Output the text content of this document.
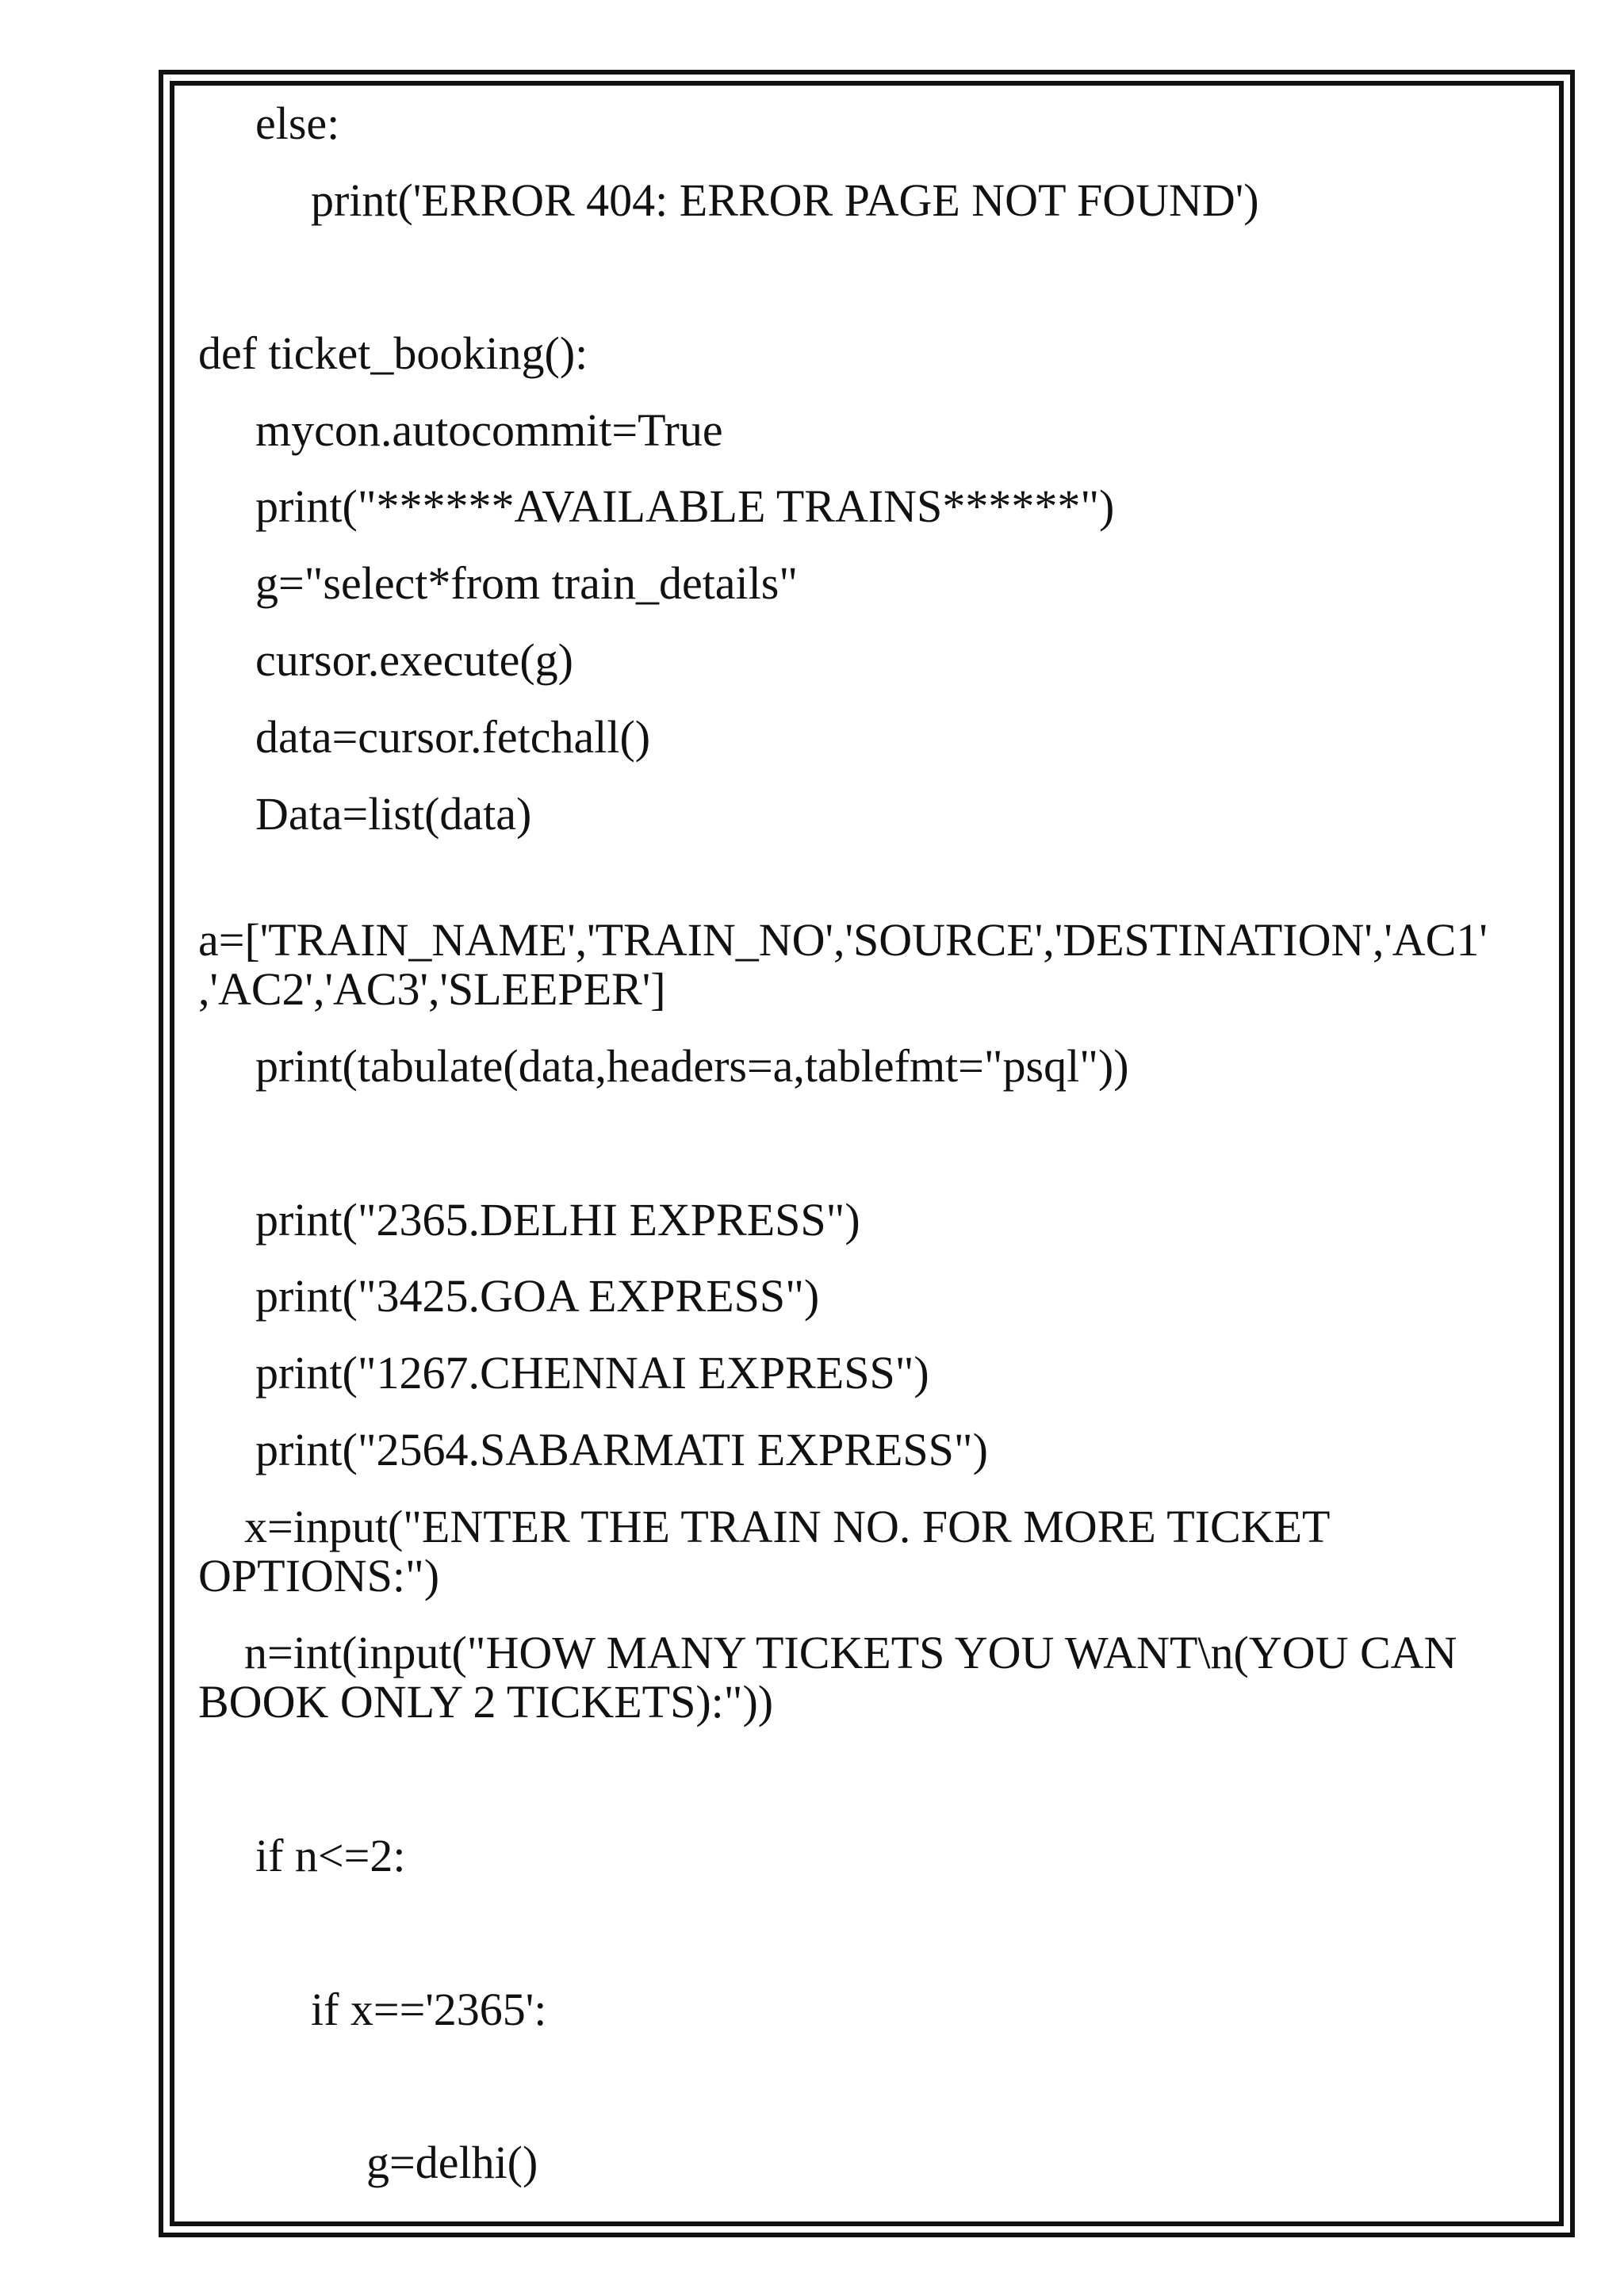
else:
print('ERROR 404: ERROR PAGE NOT FOUND')
def ticket_booking():
mycon.autocommit=True
print("******AVAILABLE TRAINS******")
g="select*from train_details"
cursor.execute(g)
data=cursor.fetchall()
Data=list(data)
a=['TRAIN_NAME','TRAIN_NO','SOURCE','DESTINATION','AC1'
,'AC2','AC3','SLEEPER']
print(tabulate(data,headers=a,tablefmt="psql"))
print("2365.DELHI EXPRESS")
print("3425.GOA EXPRESS")
print("1267.CHENNAI EXPRESS")
print("2564.SABARMATI EXPRESS")
x=input("ENTER THE TRAIN NO. FOR MORE TICKET
OPTIONS:")
n=int(input("HOW MANY TICKETS YOU WANT\n(YOU CAN
BOOK ONLY 2 TICKETS):"))
if n<=2:
if x=='2365':
g=delhi()
